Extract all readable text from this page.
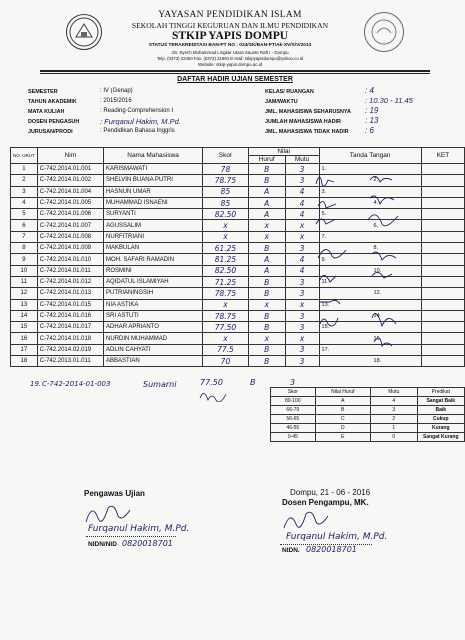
YAYASAN PENDIDIKAN ISLAM
SEKOLAH TINGGI KEGURUAN DAN ILMU PENDIDIKAN
STKIP YAPIS DOMPU
STATUS TERAKREDITASI BAN-PT NO : 024/SK/BAN-PT/Ak-XV/S/V/2013
Jln. Syech Muhammad Lingkar Utara Saunte Raft I - Dompu
Telp. (0373) 22460 Fax. (0373) 21994 E-mail: stkipyapisdompu@yahoo.co.id
Website: stkip-yapis.dompu.ac.id
DAFTAR HADIR UJIAN SEMESTER
SEMESTER	: IV (Genap)
TAHUN AKADEMIK	: 2015/2016
MATA KULIAH	: Reading Comprehension I
DOSEN PENGASUH	: Furqanul Hakim, M.Pd.
JURUSAN/PRODI	: Pendidikan Bahasa Inggris
KELAS/ RUANGAN	: 4
JAM/WAKTU	: 10.30 - 11.45
JML. MAHASISWA SEHARUSNYA : 19
JUMLAH MAHASISWA HADIR	: 13
JML. MAHASISWA TIDAK HADIR : 6
NO. URUT	Nim	Nama Mahasiswa	Skor	Nilai		Tanda Tangan	KET
				Huruf	Mutu		
1	C-742.2014.01.001	KARISMAWATI	78	B	3	1.	
2	C-742.2014.01.002	SHELVIN BUANA PUTRI	78.75	B	3	2.	
3	C-742.2014.01.004	HASNUN UMAR	85	A	4	3.	
4	C-742.2014.01.005	MUHAMMAD ISNAENI	85	A	4	4.	
5	C-742.2014.01.006	SURYANTI	82.50	A	4	5.	
6	C-742.2014.01.007	AGUSSALIM	x	x	x	6.	
7	C-742.2014.01.008	NURFITRIANI	x	x	x	7.	
8	C-742.2014.01.009	MAKBULAN	61.25	B	3	8.	
9	C-742.2014.01.010	MOH. SAFARI RAMADIN	81.25	A	4	9.	
10	C-742.2014.01.011	ROSMINI	82.50	A	4	10.	
11	C-742.2014.01.012	AQIDATUL ISLAMIYAH	71.25	B	3	11.	
12	C-742.2014.01.013	PUTRIANINGSIH	78.75	B	3	12.	
13	C-742.2014.01.015	NIA ASTIKA	x	x	x	13.	
14	C-742.2014.01.016	SRI ASTUTI	78.75	B	3	14.	
15	C-742.2014.01.017	ADHAR APRIANTO	77.50	B	3	15.	
16	C-742.2014.01.018	NURDIN MUHAMMAD	x	x	x	16.	
17	C-742.2014.02.019	ADLIN CAHYATI	77.5	B	3	17.	
18	C-742.2013.01.011	ABBASTIAN	70	B	3	18.	
19. C-742-2014-01-003	Sumarni	77.50	B	3
Skor	Nilai Huruf	Mutu	Predikat
80-100	A	4	Sangat Baik
66-79	B	3	Baik
56-65	C	2	Cukup
46-55	D	1	Kurang
0-45	E	0	Sangat Kurang
Pengawas Ujian
Furqanul Hakim, M.Pd.
NIDN/NID 0820018701
Dompu, 21 - 06 - 2016
Dosen Pengampu, MK.
Furqanul Hakim, M.Pd.
NIDN. 0820018701
